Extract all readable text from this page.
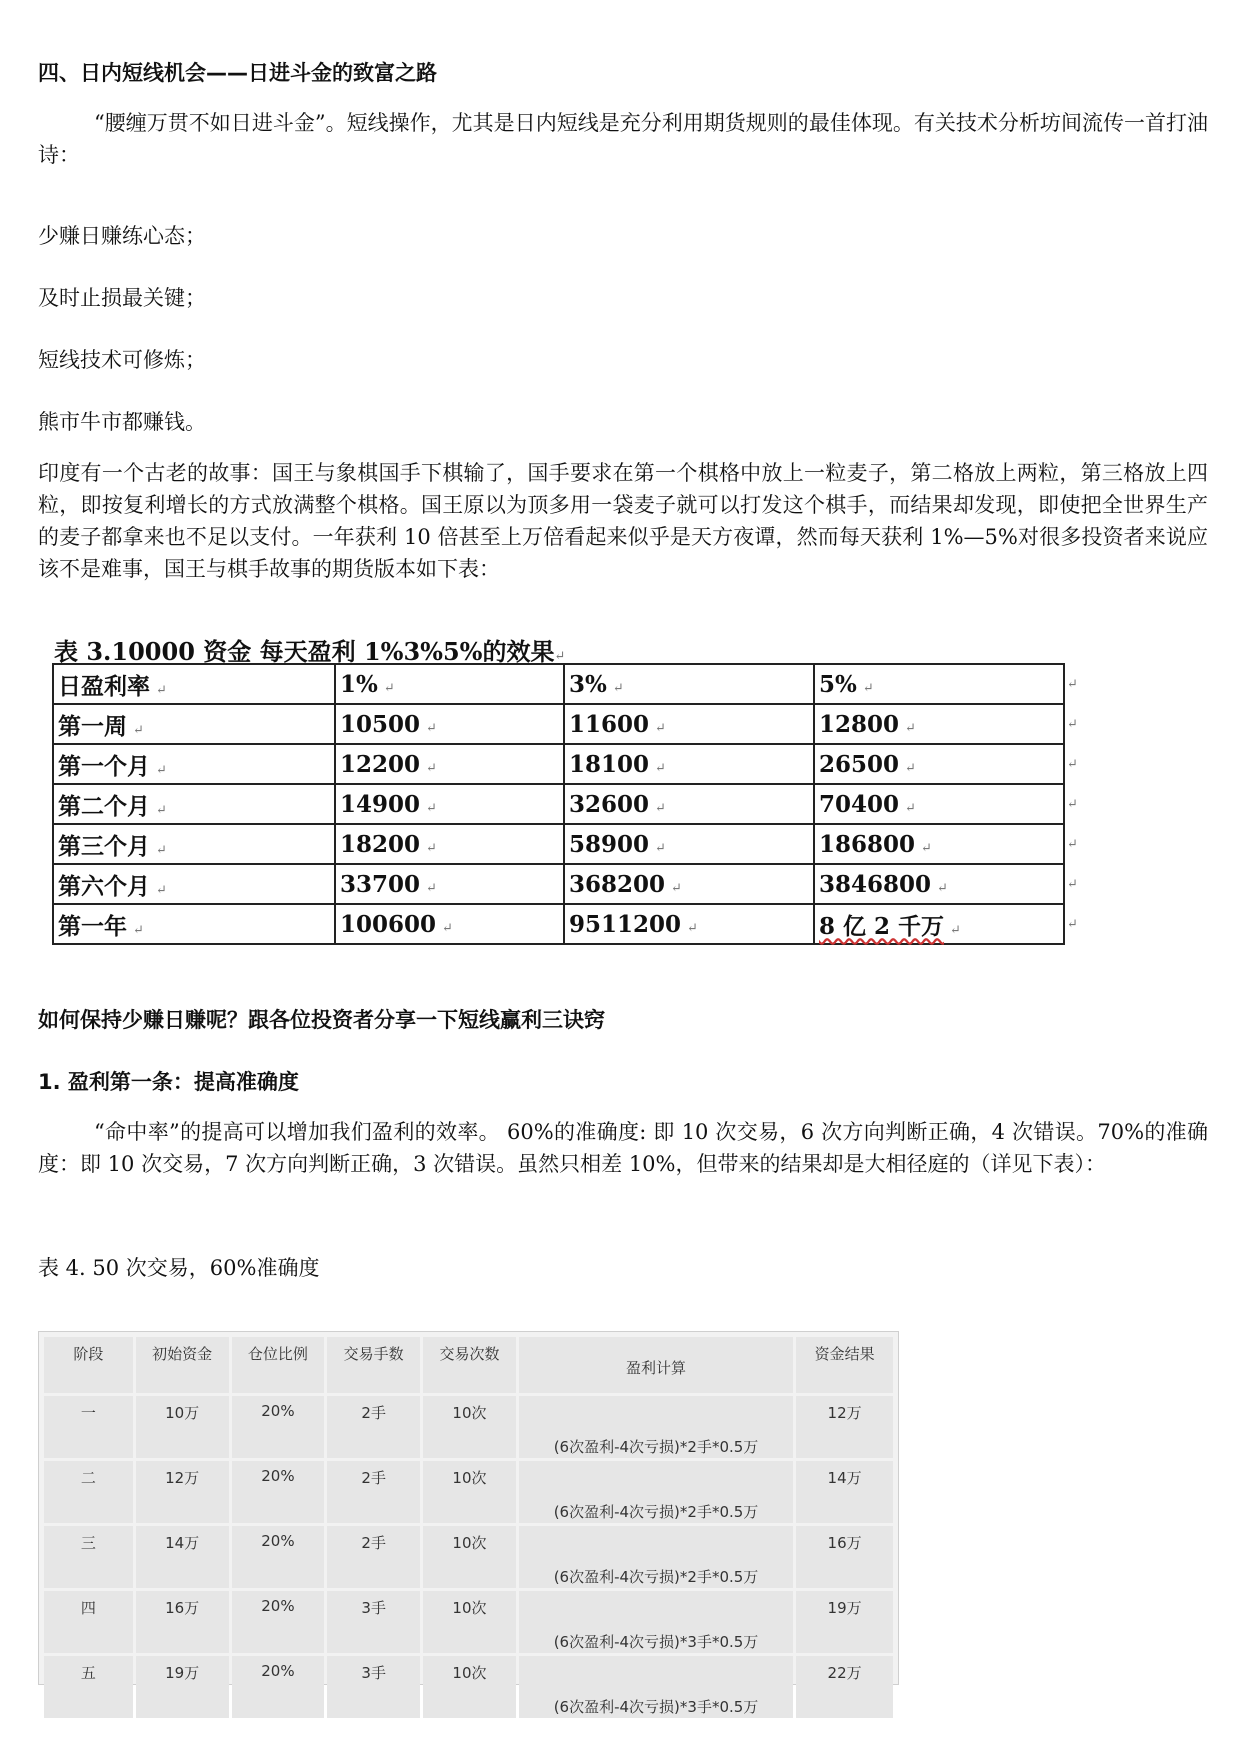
四、日内短线机会——日进斗金的致富之路
“腰缠万贯不如日进斗金”。短线操作，尤其是日内短线是充分利用期货规则的最佳体现。有关技术分析坊间流传一首打油诗：
少赚日赚练心态；
及时止损最关键；
短线技术可修炼；
熊市牛市都赚钱。
印度有一个古老的故事：国王与象棋国手下棋输了，国手要求在第一个棋格中放上一粒麦子，第二格放上两粒，第三格放上四粒，即按复利增长的方式放满整个棋格。国王原以为顶多用一袋麦子就可以打发这个棋手，而结果却发现，即使把全世界生产的麦子都拿来也不足以支付。一年获利 10 倍甚至上万倍看起来似乎是天方夜谭，然而每天获利 1%—5%对很多投资者来说应该不是难事，国王与棋手故事的期货版本如下表：
表 3.10000 资金 每天盈利 1%3%5%的效果↵
日盈利率 ↵	1% ↵	3% ↵	5% ↵	↵
第一周 ↵	10500 ↵	11600 ↵	12800 ↵	↵
第一个月 ↵	12200 ↵	18100 ↵	26500 ↵	↵
第二个月 ↵	14900 ↵	32600 ↵	70400 ↵	↵
第三个月 ↵	18200 ↵	58900 ↵	186800 ↵	↵
第六个月 ↵	33700 ↵	368200 ↵	3846800 ↵	↵
第一年 ↵	100600 ↵	9511200 ↵	8 亿 2 千万 ↵	↵
如何保持少赚日赚呢？跟各位投资者分享一下短线赢利三诀窍
1. 盈利第一条：提高准确度
“命中率”的提高可以增加我们盈利的效率。 60%的准确度: 即 10 次交易，6 次方向判断正确，4 次错误。70%的准确度：即 10 次交易，7 次方向判断正确，3 次错误。虽然只相差 10%，但带来的结果却是大相径庭的（详见下表）：
表 4. 50 次交易，60%准确度
阶段	初始资金	仓位比例	交易手数	交易次数	盈利计算	资金结果
一	10万	20%	2手	10次	(6次盈利-4次亏损)*2手*0.5万	12万
二	12万	20%	2手	10次	(6次盈利-4次亏损)*2手*0.5万	14万
三	14万	20%	2手	10次	(6次盈利-4次亏损)*2手*0.5万	16万
四	16万	20%	3手	10次	(6次盈利-4次亏损)*3手*0.5万	19万
五	19万	20%	3手	10次	(6次盈利-4次亏损)*3手*0.5万	22万
